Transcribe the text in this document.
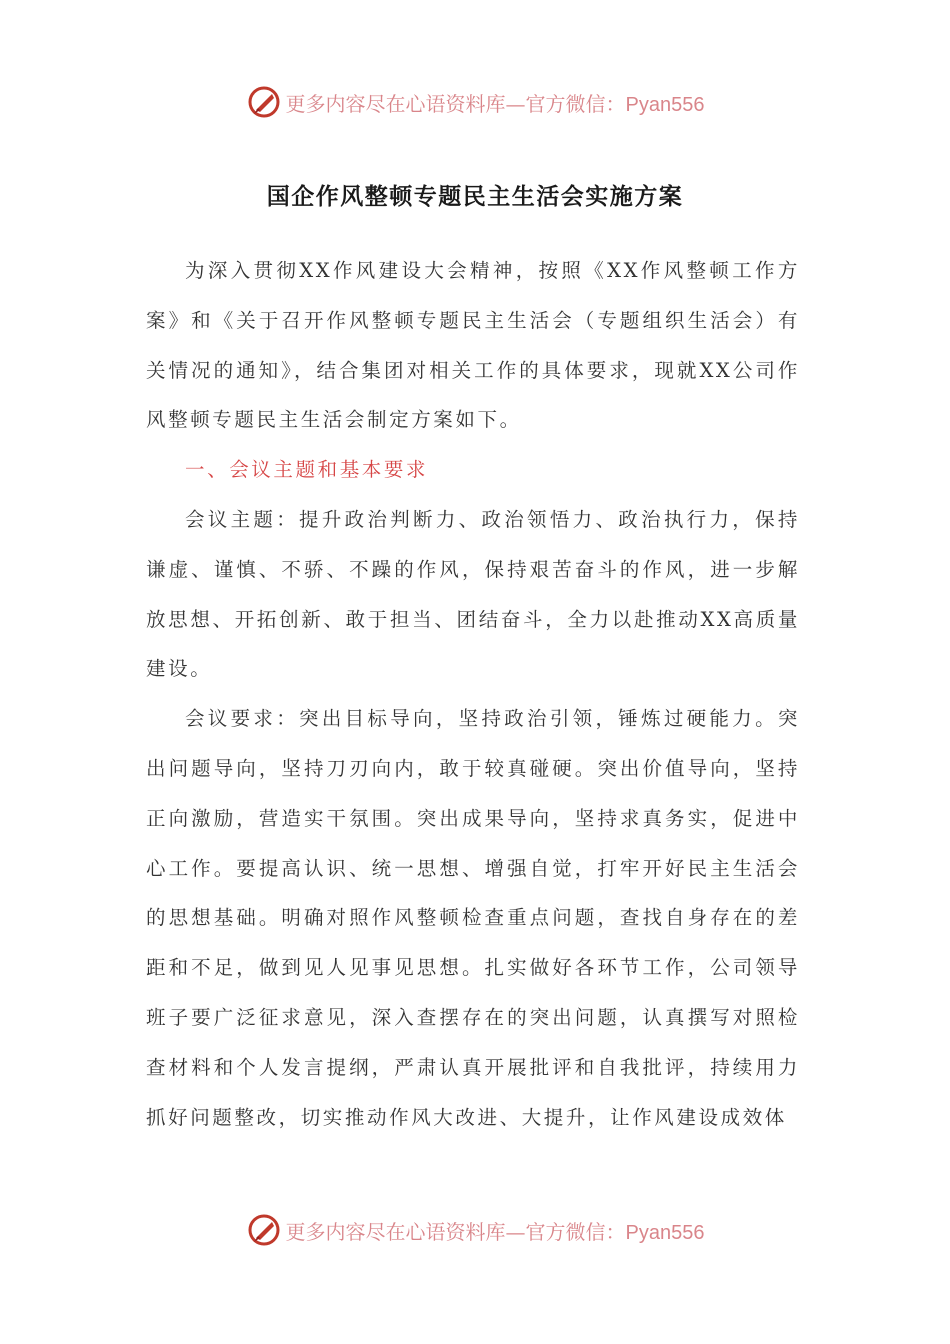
更多内容尽在心语资料库—官方微信：Pyan556
国企作风整顿专题民主生活会实施方案

为深入贯彻XX作风建设大会精神，按照《XX作风整顿工作方案》和《关于召开作风整顿专题民主生活会（专题组织生活会）有关情况的通知》，结合集团对相关工作的具体要求，现就XX公司作风整顿专题民主生活会制定方案如下。

一、会议主题和基本要求

会议主题：提升政治判断力、政治领悟力、政治执行力，保持谦虚、谨慎、不骄、不躁的作风，保持艰苦奋斗的作风，进一步解放思想、开拓创新、敢于担当、团结奋斗，全力以赴推动XX高质量建设。

会议要求：突出目标导向，坚持政治引领，锤炼过硬能力。突出问题导向，坚持刀刃向内，敢于较真碰硬。突出价值导向，坚持正向激励，营造实干氛围。突出成果导向，坚持求真务实，促进中心工作。要提高认识、统一思想、增强自觉，打牢开好民主生活会的思想基础。明确对照作风整顿检查重点问题，查找自身存在的差距和不足，做到见人见事见思想。扎实做好各环节工作，公司领导班子要广泛征求意见，深入查摆存在的突出问题，认真撰写对照检查材料和个人发言提纲，严肃认真开展批评和自我批评，持续用力抓好问题整改，切实推动作风大改进、大提升，让作风建设成效体

更多内容尽在心语资料库—官方微信：Pyan556
